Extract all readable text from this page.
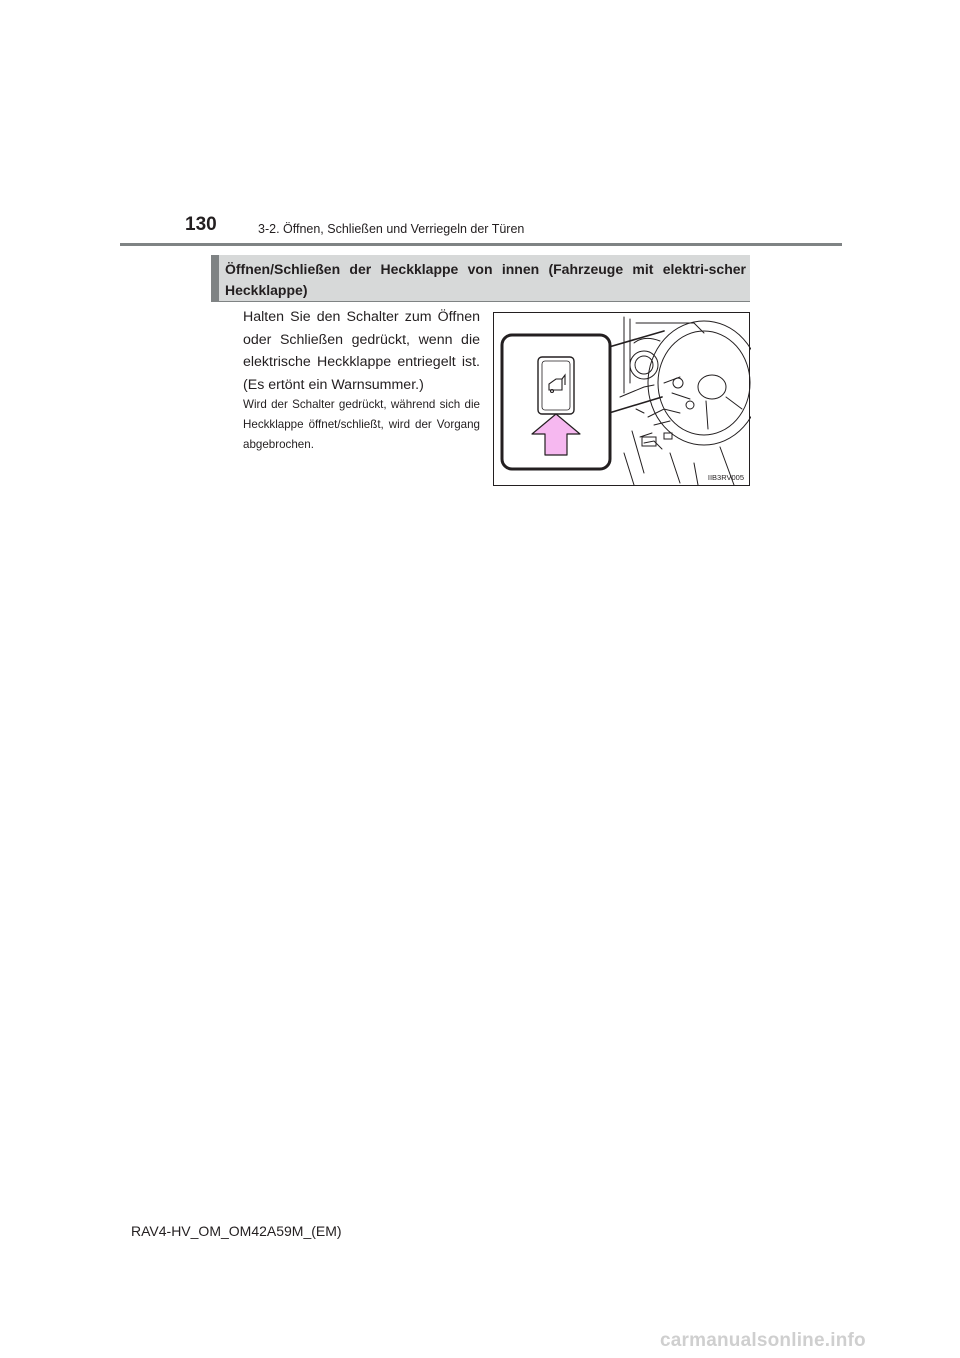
130	3-2. Öffnen, Schließen und Verriegeln der Türen
Öffnen/Schließen der Heckklappe von innen (Fahrzeuge mit elektri-scher Heckklappe)

Halten Sie den Schalter zum Öffnen oder Schließen gedrückt, wenn die elektrische Heckklappe entriegelt ist. (Es ertönt ein Warnsummer.)

Wird der Schalter gedrückt, während sich die Heckklappe öffnet/schließt, wird der Vorgang abgebrochen.

IIB3RV005
RAV4-HV_OM_OM42A59M_(EM)
carmanualsonline.info
